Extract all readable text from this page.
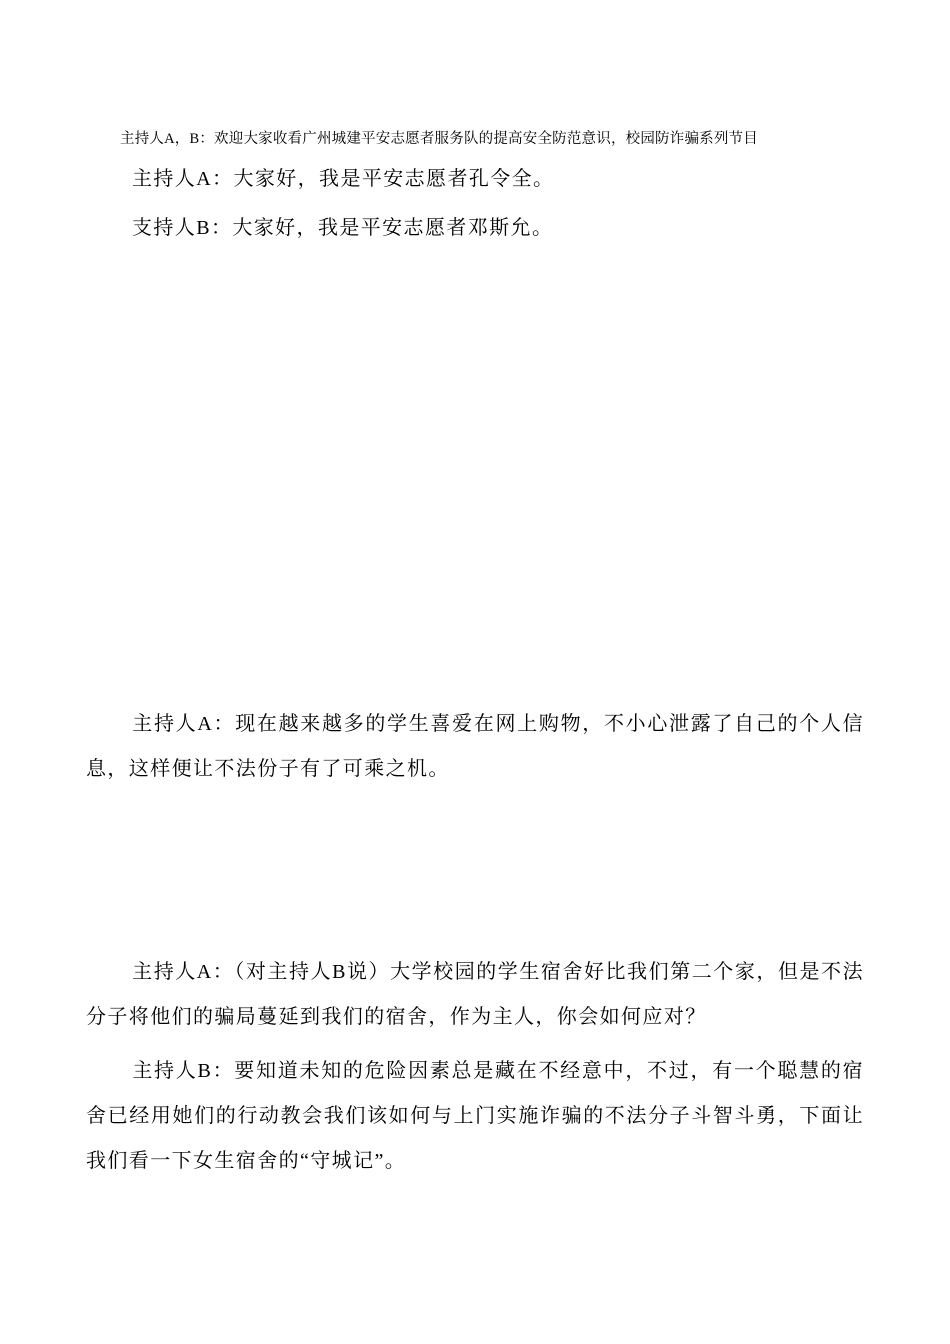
主持人A，B：欢迎大家收看广州城建平安志愿者服务队的提高安全防范意识，校园防诈骗系列节目

主持人A：大家好，我是平安志愿者孔令全。

支持人B：大家好，我是平安志愿者邓斯允。

主持人A：现在越来越多的学生喜爱在网上购物，不小心泄露了自己的个人信息，这样便让不法份子有了可乘之机。

主持人A：（对主持人B说）大学校园的学生宿舍好比我们第二个家，但是不法分子将他们的骗局蔓延到我们的宿舍，作为主人，你会如何应对？

主持人B：要知道未知的危险因素总是藏在不经意中，不过，有一个聪慧的宿舍已经用她们的行动教会我们该如何与上门实施诈骗的不法分子斗智斗勇，下面让我们看一下女生宿舍的“守城记”。
